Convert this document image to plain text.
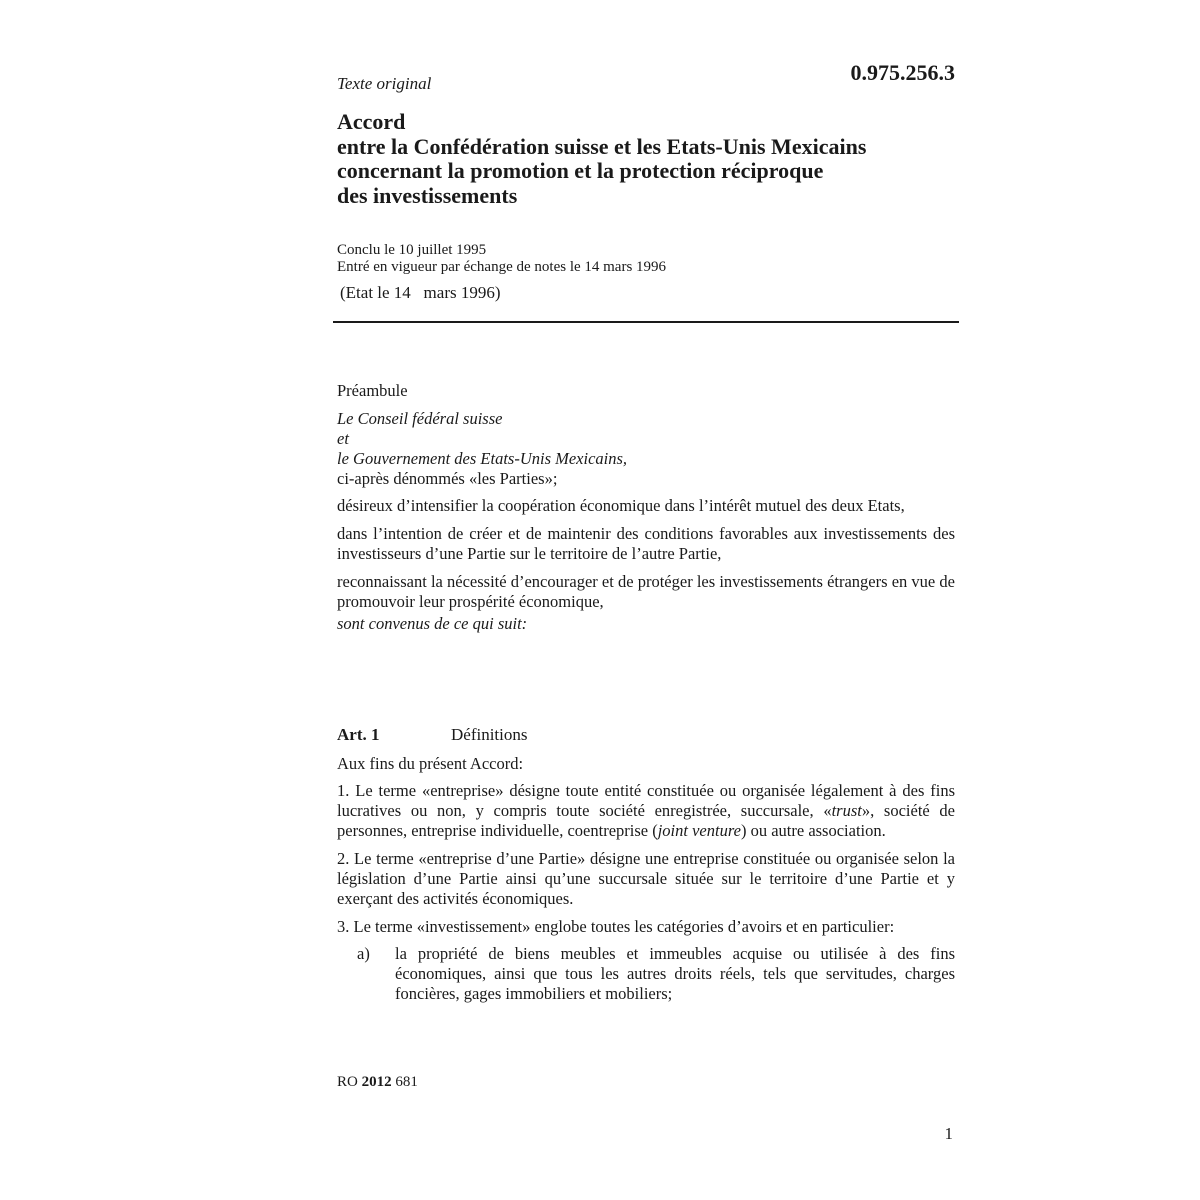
Texte original	0.975.256.3
Accord
entre la Confédération suisse et les Etats-Unis Mexicains
concernant la promotion et la protection réciproque
des investissements
Conclu le 10 juillet 1995
Entré en vigueur par échange de notes le 14 mars 1996
(Etat le 14   mars 1996)

Préambule

Le Conseil fédéral suisse

et

le Gouvernement des Etats-Unis Mexicains,

ci-après dénommés «les Parties»;

désireux d’intensifier la coopération économique dans l’intérêt mutuel des deux Etats,

dans l’intention de créer et de maintenir des conditions favorables aux investissements des investisseurs d’une Partie sur le territoire de l’autre Partie,

reconnaissant la nécessité d’encourager et de protéger les investissements étrangers en vue de promouvoir leur prospérité économique,

sont convenus de ce qui suit:

Art. 1	Définitions

Aux fins du présent Accord:

1. Le terme «entreprise» désigne toute entité constituée ou organisée légalement à des fins lucratives ou non, y compris toute société enregistrée, succursale, «trust», société de personnes, entreprise individuelle, coentreprise (joint venture) ou autre association.

2. Le terme «entreprise d’une Partie» désigne une entreprise constituée ou organisée selon la législation d’une Partie ainsi qu’une succursale située sur le territoire d’une Partie et y exerçant des activités économiques.

3. Le terme «investissement» englobe toutes les catégories d’avoirs et en particulier:

a) la propriété de biens meubles et immeubles acquise ou utilisée à des fins économiques, ainsi que tous les autres droits réels, tels que servitudes, charges foncières, gages immobiliers et mobiliers;

RO 2012 681
1
